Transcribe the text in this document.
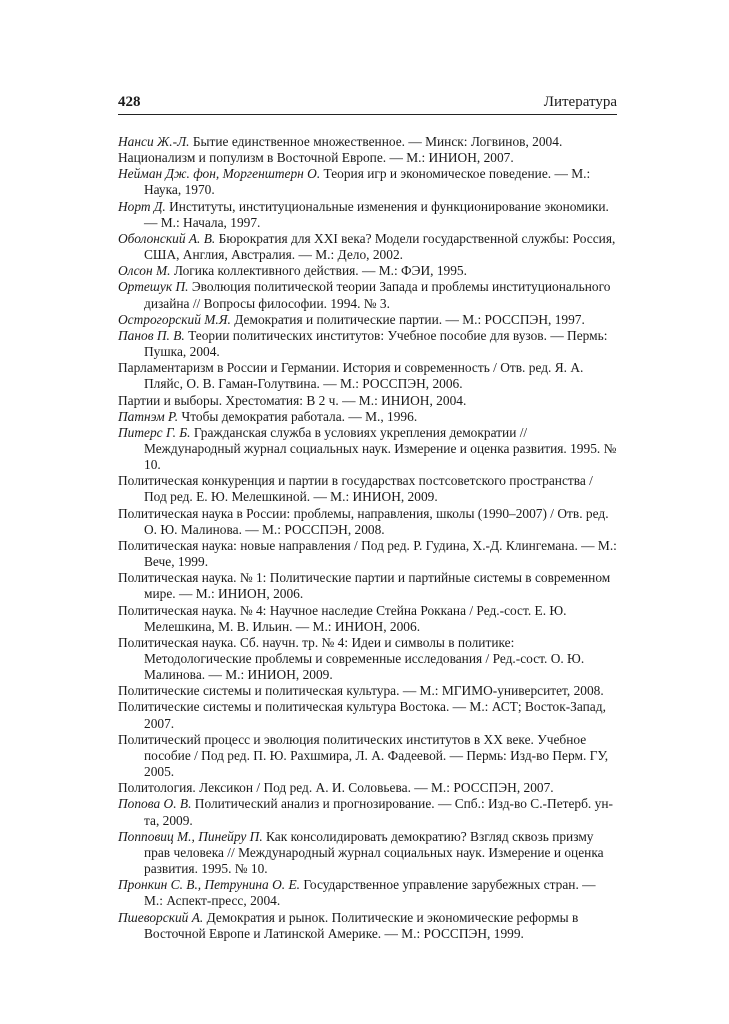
428	Литература
Нанси Ж.-Л. Бытие единственное множественное. — Минск: Логвинов, 2004.
Национализм и популизм в Восточной Европе. — М.: ИНИОН, 2007.
Нейман Дж. фон, Моргенштерн О. Теория игр и экономическое поведение. — М.: Наука, 1970.
Норт Д. Институты, институциональные изменения и функционирование экономики. — М.: Начала, 1997.
Оболонский А. В. Бюрократия для XXI века? Модели государственной службы: Россия, США, Англия, Австралия. — М.: Дело, 2002.
Олсон М. Логика коллективного действия. — М.: ФЭИ, 1995.
Ортешук П. Эволюция политической теории Запада и проблемы институционального дизайна // Вопросы философии. 1994. № 3.
Острогорский М.Я. Демократия и политические партии. — М.: РОССПЭН, 1997.
Панов П. В. Теории политических институтов: Учебное пособие для вузов. — Пермь: Пушка, 2004.
Парламентаризм в России и Германии. История и современность / Отв. ред. Я. А. Пляйс, О. В. Гаман-Голутвина. — М.: РОССПЭН, 2006.
Партии и выборы. Хрестоматия: В 2 ч. — М.: ИНИОН, 2004.
Патнэм Р. Чтобы демократия работала. — М., 1996.
Питерс Г. Б. Гражданская служба в условиях укрепления демократии // Международный журнал социальных наук. Измерение и оценка развития. 1995. № 10.
Политическая конкуренция и партии в государствах постсоветского пространства / Под ред. Е. Ю. Мелешкиной. — М.: ИНИОН, 2009.
Политическая наука в России: проблемы, направления, школы (1990–2007) / Отв. ред. О. Ю. Малинова. — М.: РОССПЭН, 2008.
Политическая наука: новые направления / Под ред. Р. Гудина, Х.-Д. Клингемана. — М.: Вече, 1999.
Политическая наука. № 1: Политические партии и партийные системы в современном мире. — М.: ИНИОН, 2006.
Политическая наука. № 4: Научное наследие Стейна Роккана / Ред.-сост. Е. Ю. Мелешкина, М. В. Ильин. — М.: ИНИОН, 2006.
Политическая наука. Сб. научн. тр. № 4: Идеи и символы в политике: Методологические проблемы и современные исследования / Ред.-сост. О. Ю. Малинова. — М.: ИНИОН, 2009.
Политические системы и политическая культура. — М.: МГИМО-университет, 2008.
Политические системы и политическая культура Востока. — М.: АСТ; Восток-Запад, 2007.
Политический процесс и эволюция политических институтов в XX веке. Учебное пособие / Под ред. П. Ю. Рахшмира, Л. А. Фадеевой. — Пермь: Изд-во Перм. ГУ, 2005.
Политология. Лексикон / Под ред. А. И. Соловьева. — М.: РОССПЭН, 2007.
Попова О. В. Политический анализ и прогнозирование. — Спб.: Изд-во С.-Петерб. ун-та, 2009.
Попповиц М., Пинейру П. Как консолидировать демократию? Взгляд сквозь призму прав человека // Международный журнал социальных наук. Измерение и оценка развития. 1995. № 10.
Пронкин С. В., Петрунина О. Е. Государственное управление зарубежных стран. — М.: Аспект-пресс, 2004.
Пшеворский А. Демократия и рынок. Политические и экономические реформы в Восточной Европе и Латинской Америке. — М.: РОССПЭН, 1999.
